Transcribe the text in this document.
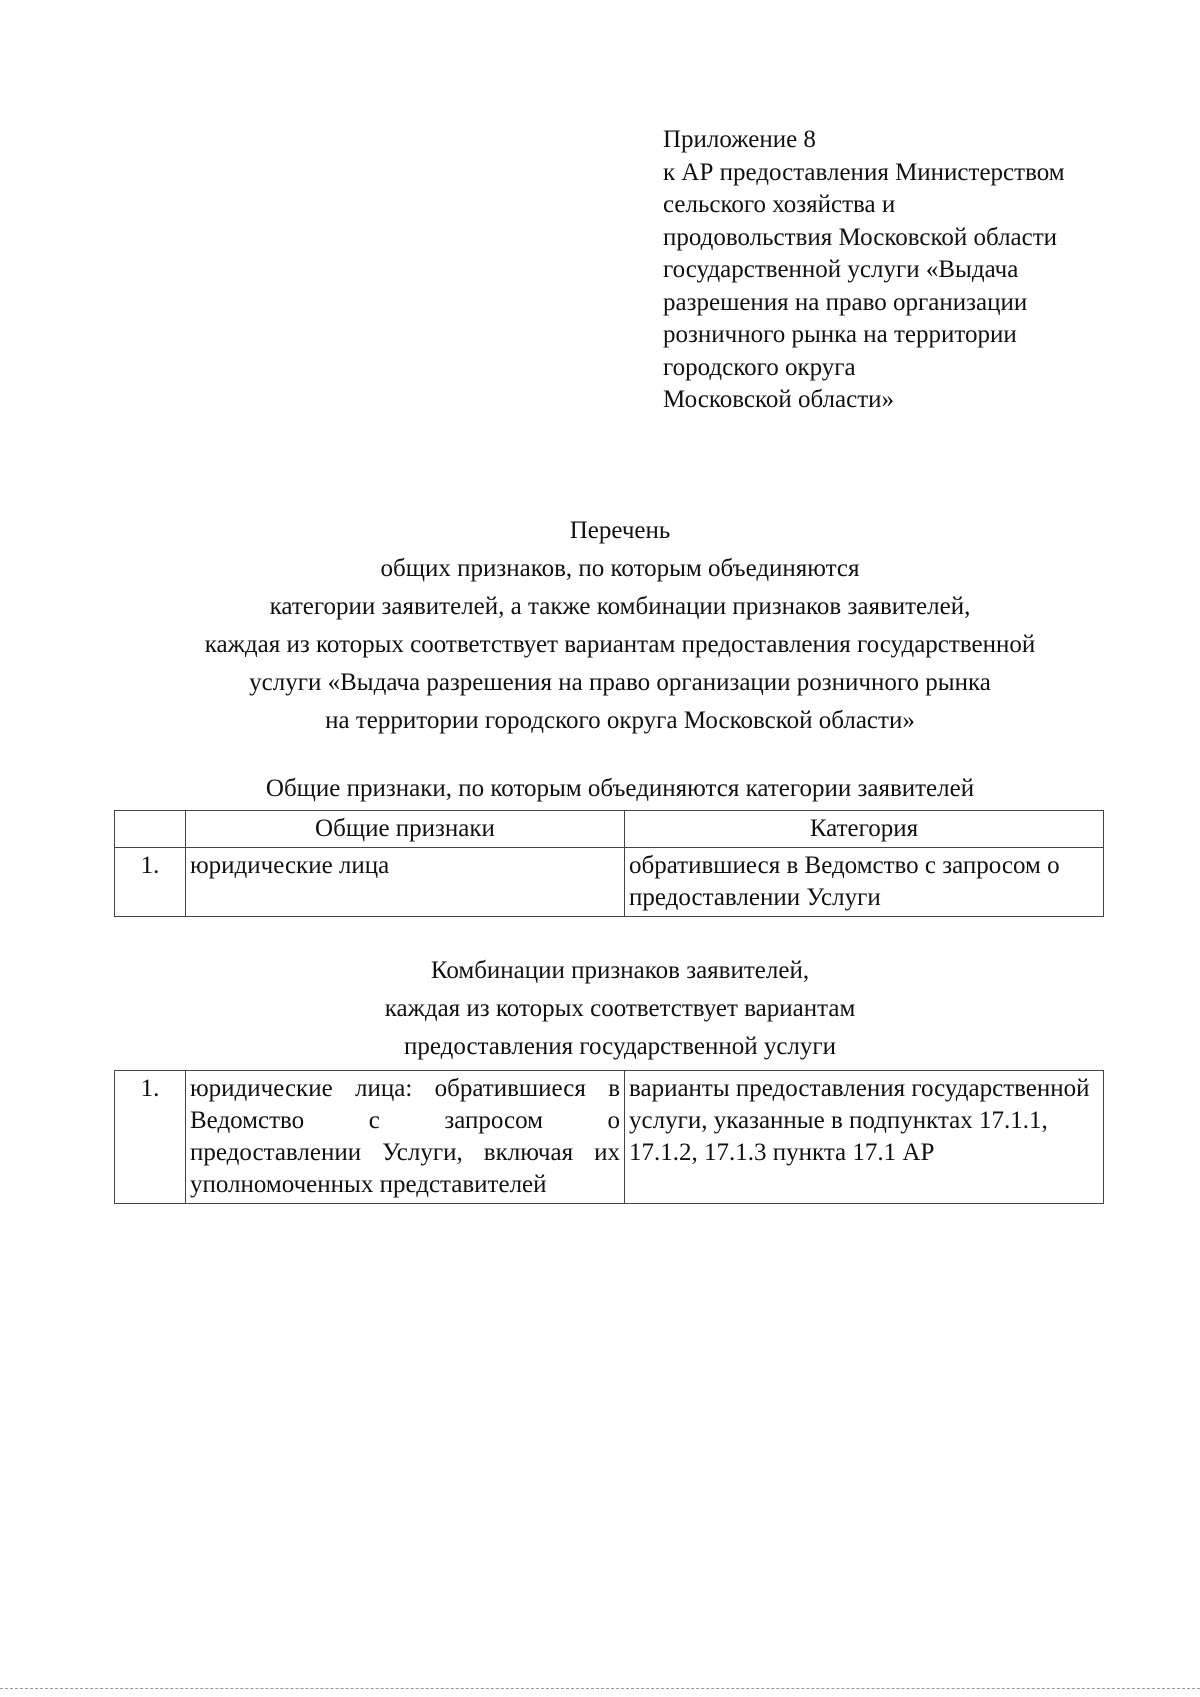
Приложение 8
к АР предоставления Министерством
сельского хозяйства и
продовольствия Московской области
государственной услуги «Выдача
разрешения на право организации
розничного рынка на территории
городского округа
Московской области»
Перечень
общих признаков, по которым объединяются
категории заявителей, а также комбинации признаков заявителей,
каждая из которых соответствует вариантам предоставления государственной
услуги «Выдача разрешения на право организации розничного рынка
на территории городского округа Московской области»
Общие признаки, по которым объединяются категории заявителей
	Общие признаки	Категория
1.	юридические лица	обратившиеся в Ведомство с запросом о предоставлении Услуги
Комбинации признаков заявителей,
каждая из которых соответствует вариантам
предоставления государственной услуги
1.	юридические лица: обратившиеся в Ведомство с запросом о предоставлении Услуги, включая их уполномоченных представителей	варианты предоставления государственной услуги, указанные в подпунктах 17.1.1, 17.1.2, 17.1.3 пункта 17.1 АР
